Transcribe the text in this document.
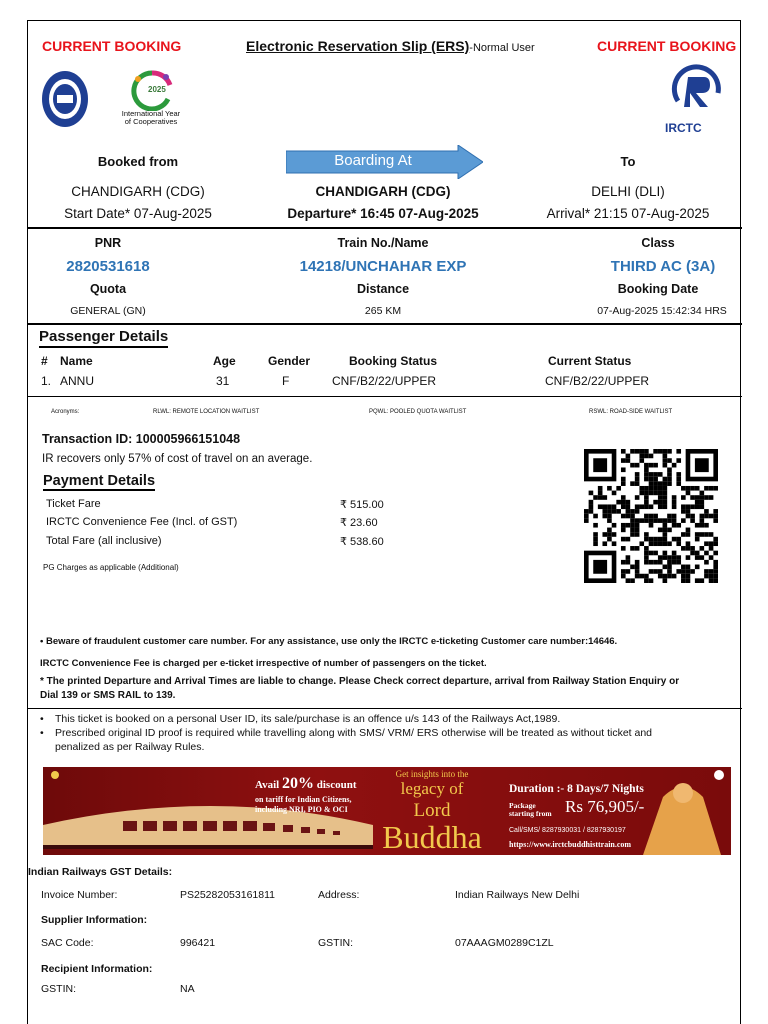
CURRENT BOOKING	Electronic Reservation Slip (ERS)-Normal User	CURRENT BOOKING
2025
International Year
of Cooperatives	IRCTC
Booked from	Boarding At	To
CHANDIGARH (CDG)	CHANDIGARH (CDG)	DELHI (DLI)
Start Date* 07-Aug-2025	Departure* 16:45 07-Aug-2025	Arrival* 21:15 07-Aug-2025
PNR	Train No./Name	Class
2820531618	14218/UNCHAHAR EXP	THIRD AC (3A)
Quota	Distance	Booking Date
GENERAL (GN)	265 KM	07-Aug-2025 15:42:34 HRS
Passenger Details
# Name	Age	Gender	Booking Status	Current Status
1. ANNU	31	F	CNF/B2/22/UPPER	CNF/B2/22/UPPER
Acronyms:	RLWL: REMOTE LOCATION WAITLIST	PQWL: POOLED QUOTA WAITLIST	RSWL: ROAD-SIDE WAITLIST
Transaction ID: 100005966151048
IR recovers only 57% of cost of travel on an average.
Payment Details
Ticket Fare	₹ 515.00
IRCTC Convenience Fee (Incl. of GST)	₹ 23.60
Total Fare (all inclusive)	₹ 538.60
PG Charges as applicable (Additional)
• Beware of fraudulent customer care number. For any assistance, use only the IRCTC e-ticketing Customer care number:14646.
IRCTC Convenience Fee is charged per e-ticket irrespective of number of passengers on the ticket.
* The printed Departure and Arrival Times are liable to change. Please Check correct departure, arrival from Railway Station Enquiry or
Dial 139 or SMS RAIL to 139.
• This ticket is booked on a personal User ID, its sale/purchase is an offence u/s 143 of the Railways Act,1989.
• Prescribed original ID proof is required while travelling along with SMS/ VRM/ ERS otherwise will be treated as without ticket and
penalized as per Railway Rules.
Avail 20% discount
on tariff for Indian Citizens,
including NRI, PIO & OCI
Get insights into the
legacy of
Lord
Buddha
Duration :- 8 Days/7 Nights
Package
starting from Rs 76,905/-
Call/SMS/ 8287930031 / 8287930197
https://www.irctcbuddhisttrain.com
Indian Railways GST Details:
Invoice Number:	PS25282053161811	Address:	Indian Railways New Delhi
Supplier Information:
SAC Code:	996421	GSTIN:	07AAAGM0289C1ZL
Recipient Information:
GSTIN:	NA
